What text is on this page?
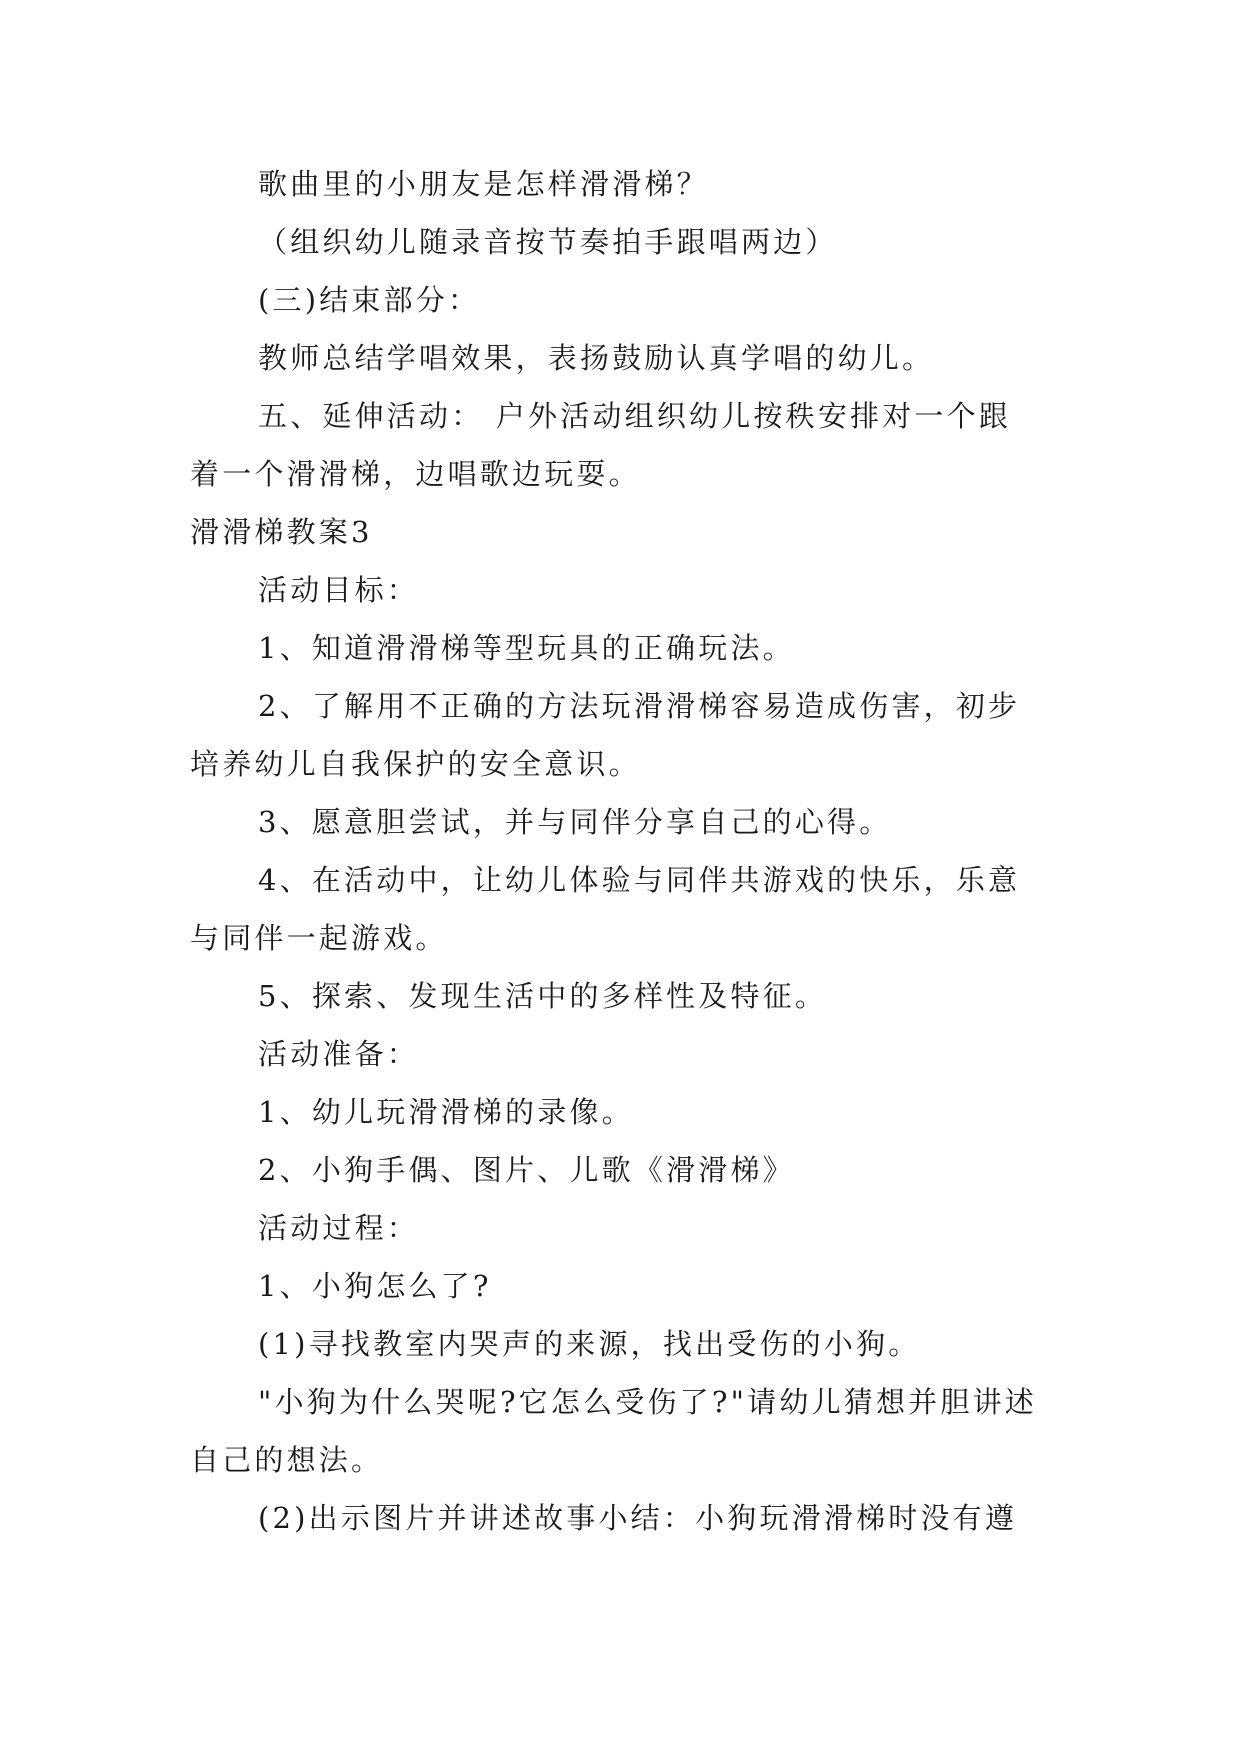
歌曲里的小朋友是怎样滑滑梯？
（组织幼儿随录音按节奏拍手跟唱两边）
(三)结束部分：
教师总结学唱效果，表扬鼓励认真学唱的幼儿。
五、延伸活动： 户外活动组织幼儿按秩安排对一个跟
着一个滑滑梯，边唱歌边玩耍。
滑滑梯教案3
活动目标：
1、知道滑滑梯等型玩具的正确玩法。
2、了解用不正确的方法玩滑滑梯容易造成伤害，初步
培养幼儿自我保护的安全意识。
3、愿意胆尝试，并与同伴分享自己的心得。
4、在活动中，让幼儿体验与同伴共游戏的快乐，乐意
与同伴一起游戏。
5、探索、发现生活中的多样性及特征。
活动准备：
1、幼儿玩滑滑梯的录像。
2、小狗手偶、图片、儿歌《滑滑梯》
活动过程：
1、小狗怎么了?
(1)寻找教室内哭声的来源，找出受伤的小狗。
"小狗为什么哭呢?它怎么受伤了?"请幼儿猜想并胆讲述
自己的想法。
(2)出示图片并讲述故事小结：小狗玩滑滑梯时没有遵
